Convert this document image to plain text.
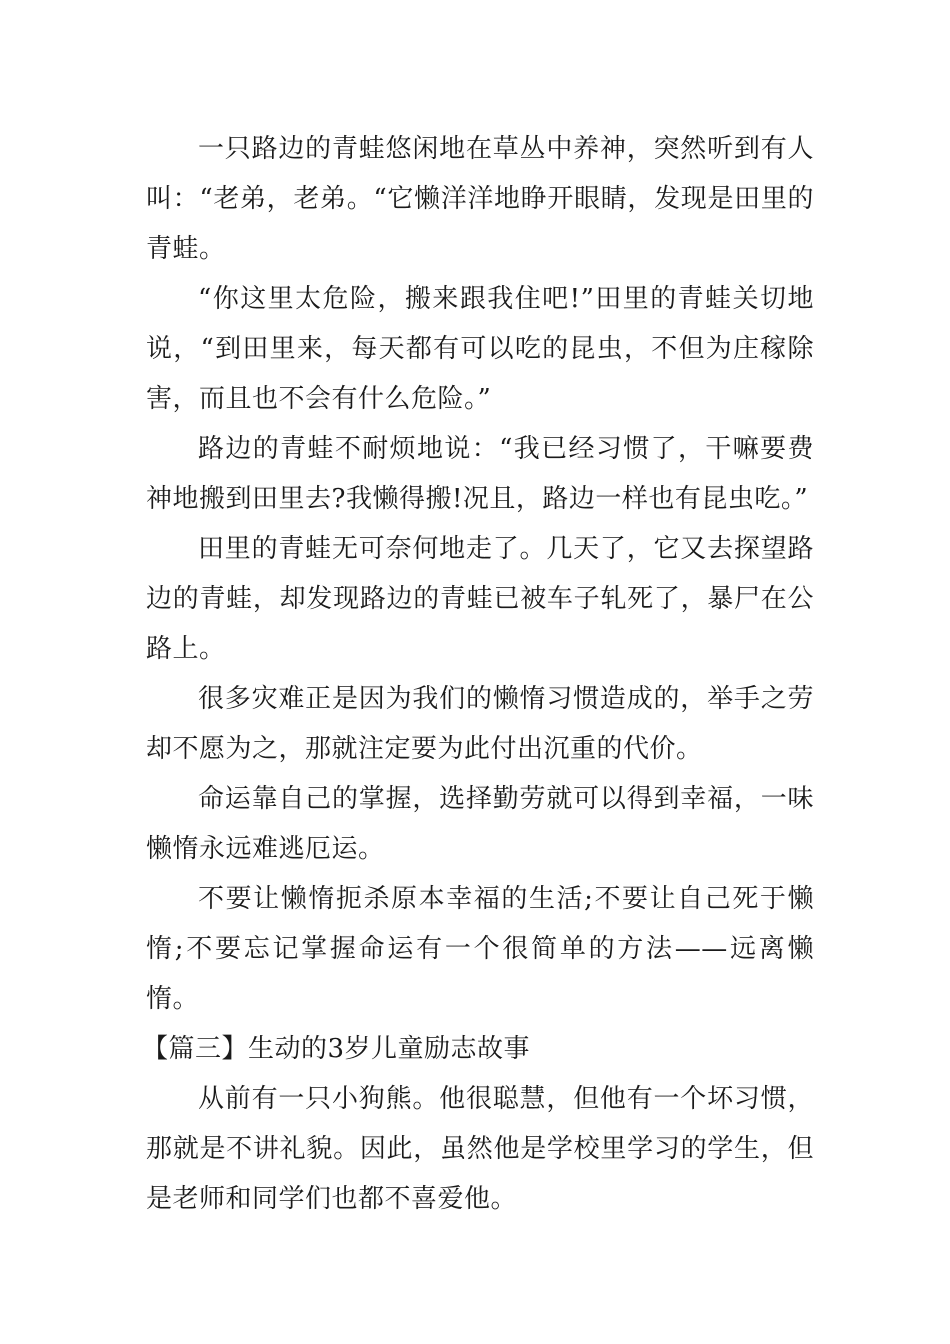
一只路边的青蛙悠闲地在草丛中养神，突然听到有人叫：“老弟，老弟。“它懒洋洋地睁开眼睛，发现是田里的青蛙。

“你这里太危险，搬来跟我住吧!”田里的青蛙关切地说，“到田里来，每天都有可以吃的昆虫，不但为庄稼除害，而且也不会有什么危险。”

路边的青蛙不耐烦地说：“我已经习惯了，干嘛要费神地搬到田里去?我懒得搬!况且，路边一样也有昆虫吃。”

田里的青蛙无可奈何地走了。几天了，它又去探望路边的青蛙，却发现路边的青蛙已被车子轧死了，暴尸在公路上。

很多灾难正是因为我们的懒惰习惯造成的，举手之劳却不愿为之，那就注定要为此付出沉重的代价。

命运靠自己的掌握，选择勤劳就可以得到幸福，一味懒惰永远难逃厄运。

不要让懒惰扼杀原本幸福的生活;不要让自己死于懒惰;不要忘记掌握命运有一个很简单的方法——远离懒惰。

【篇三】生动的3岁儿童励志故事

从前有一只小狗熊。他很聪慧，但他有一个坏习惯，那就是不讲礼貌。因此，虽然他是学校里学习的学生，但是老师和同学们也都不喜爱他。
